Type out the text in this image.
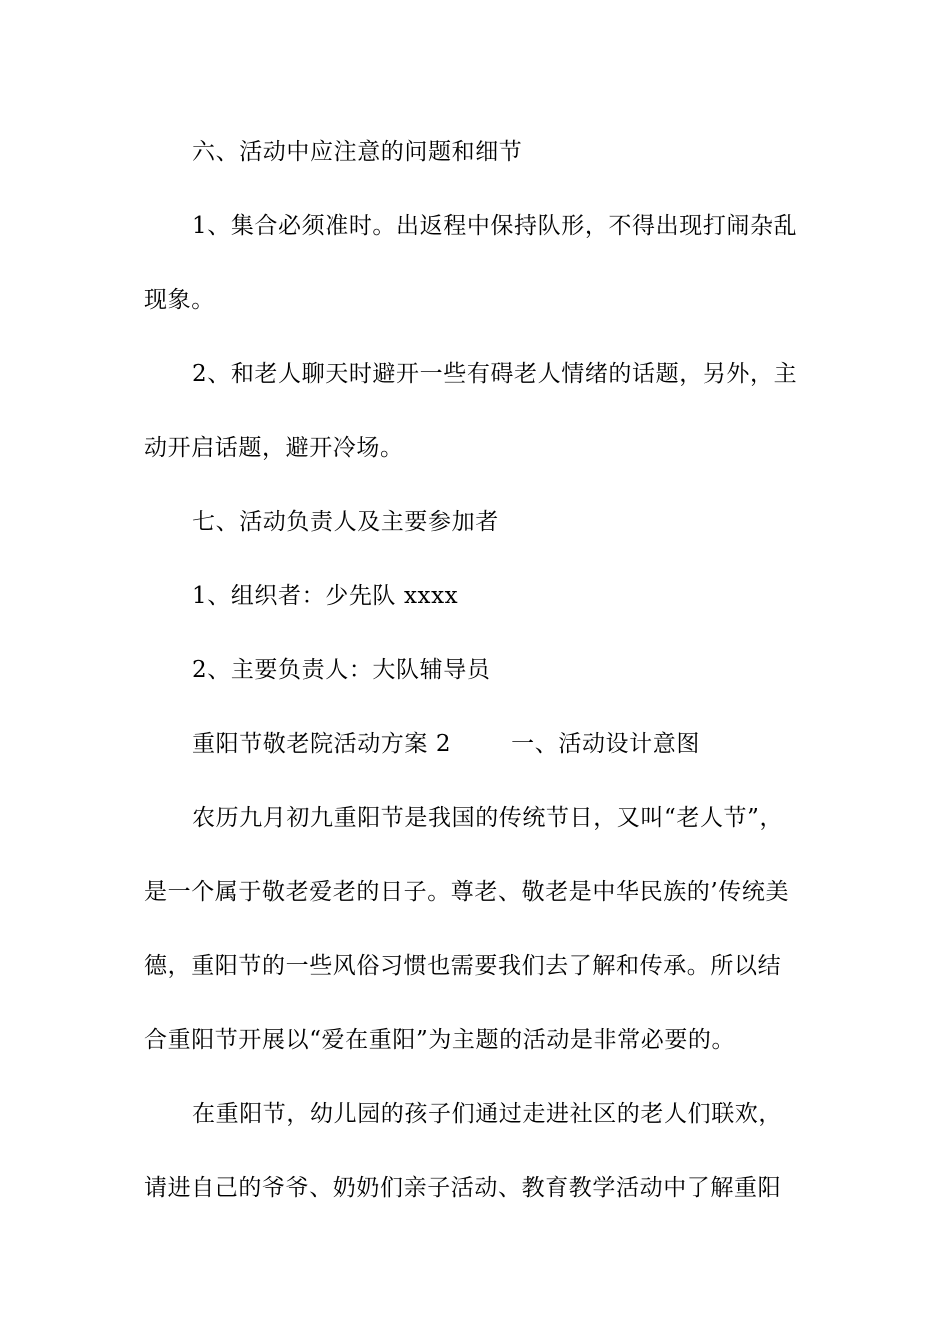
六、活动中应注意的问题和细节
1、集合必须准时。出返程中保持队形，不得出现打闹杂乱
现象。
2、和老人聊天时避开一些有碍老人情绪的话题，另外，主
动开启话题，避开冷场。
七、活动负责人及主要参加者
1、组织者：少先队 xxxx
2、主要负责人：大队辅导员
重阳节敬老院活动方案 2	一、活动设计意图
农历九月初九重阳节是我国的传统节日，又叫“老人节”，
是一个属于敬老爱老的日子。尊老、敬老是中华民族的’传统美
德，重阳节的一些风俗习惯也需要我们去了解和传承。所以结
合重阳节开展以“爱在重阳”为主题的活动是非常必要的。
在重阳节，幼儿园的孩子们通过走进社区的老人们联欢，
请进自己的爷爷、奶奶们亲子活动、教育教学活动中了解重阳
